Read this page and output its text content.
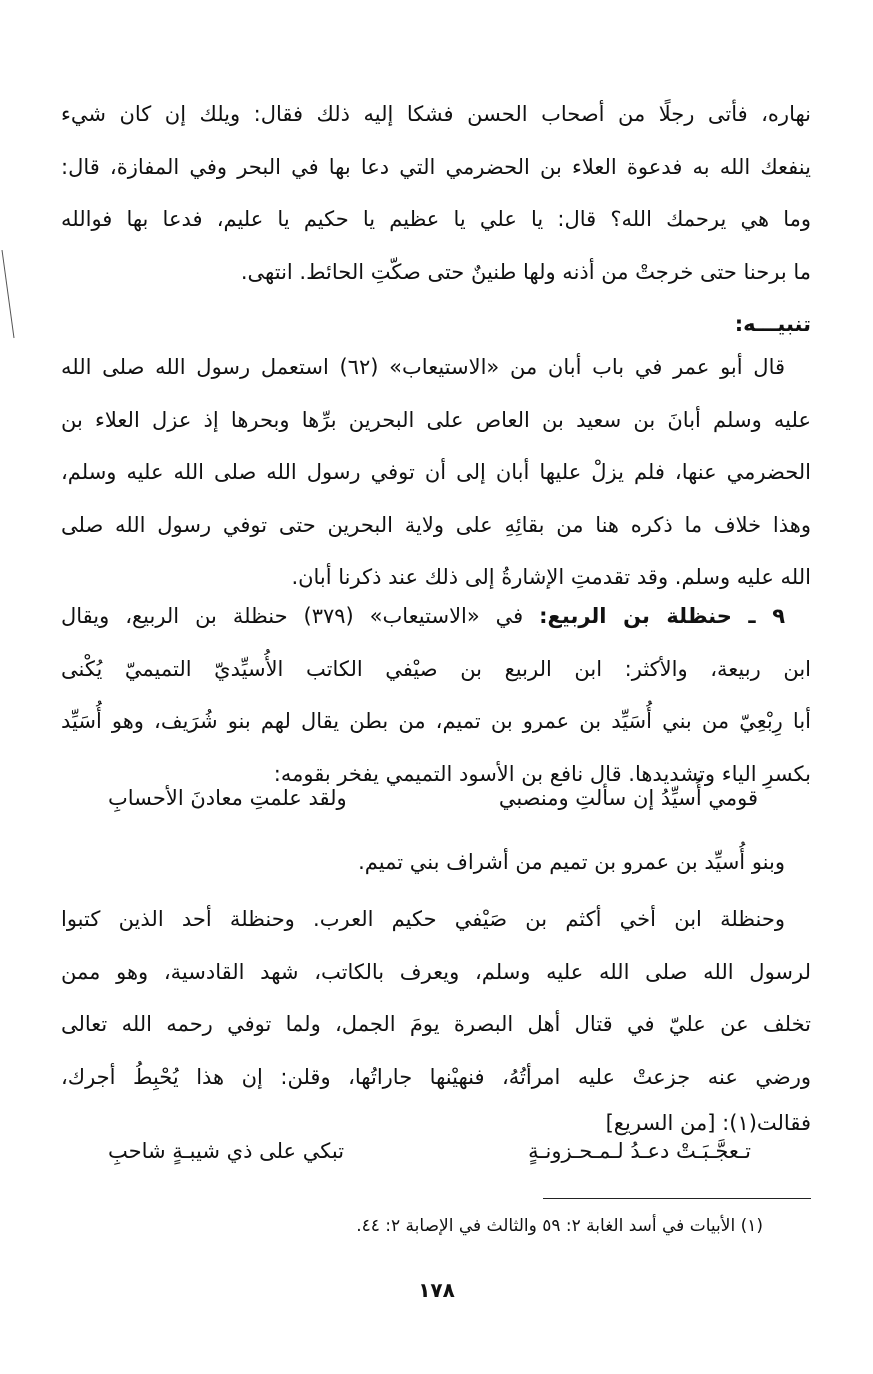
نهاره، فأتى رجلًا من أصحاب الحسن فشكا إليه ذلك فقال: ويلك إن كان شيء
ينفعك الله به فدعوة العلاء بن الحضرمي التي دعا بها في البحر وفي المفازة، قال:
وما هي يرحمك الله؟ قال: يا علي يا عظيم يا حكيم يا عليم، فدعا بها فوالله
ما برحنا حتى خرجتْ من أذنه ولها طنينٌ حتى صكّتِ الحائط. انتهى.
تنبيـــه:
قال أبو عمر في باب أبان من «الاستيعاب» (٦٢) استعمل رسول الله صلى الله
عليه وسلم أبانَ بن سعيد بن العاص على البحرين برِّها وبحرها إذ عزل العلاء بن
الحضرمي عنها، فلم يزلْ عليها أبان إلى أن توفي رسول الله صلى الله عليه وسلم،
وهذا خلاف ما ذكره هنا من بقائِهِ على ولاية البحرين حتى توفي رسول الله صلى
الله عليه وسلم. وقد تقدمتِ الإشارةُ إلى ذلك عند ذكرنا أبان.
٩ ـ حنظلة بن الربيع: في «الاستيعاب» (٣٧٩) حنظلة بن الربيع، ويقال
ابن ربيعة، والأكثر: ابن الربيع بن صيْفي الكاتب الأُسيِّديّ التميميّ يُكْنى
أبا رِبْعِيّ من بني أُسَيِّد بن عمرو بن تميم، من بطن يقال لهم بنو شُرَيف، وهو أُسَيِّد
بكسرِ الياء وتشديدها. قال نافع بن الأسود التميمي يفخر بقومه:
قومي أُسيِّدُ إن سألتِ ومنصبي
ولقد علمتِ معادنَ الأحسابِ
وبنو أُسيِّد بن عمرو بن تميم من أشراف بني تميم.
وحنظلة ابن أخي أكثم بن صَيْفي حكيم العرب. وحنظلة أحد الذين كتبوا
لرسول الله صلى الله عليه وسلم، ويعرف بالكاتب، شهد القادسية، وهو ممن
تخلف عن عليّ في قتال أهل البصرة يومَ الجمل، ولما توفي رحمه الله تعالى
ورضي عنه جزعتْ عليه امرأتُهُ، فنهيْنها جاراتُها، وقلن: إن هذا يُحْبِطُ أجرك،
فقالت(١): [من السريع]
تـعجَّـبَـتْ دعـدُ لـمـحـزونـةٍ
تبكي على ذي شيبـةٍ شاحبِ
(١) الأبيات في أسد الغابة ٢: ٥٩ والثالث في الإصابة ٢: ٤٤.
١٧٨
